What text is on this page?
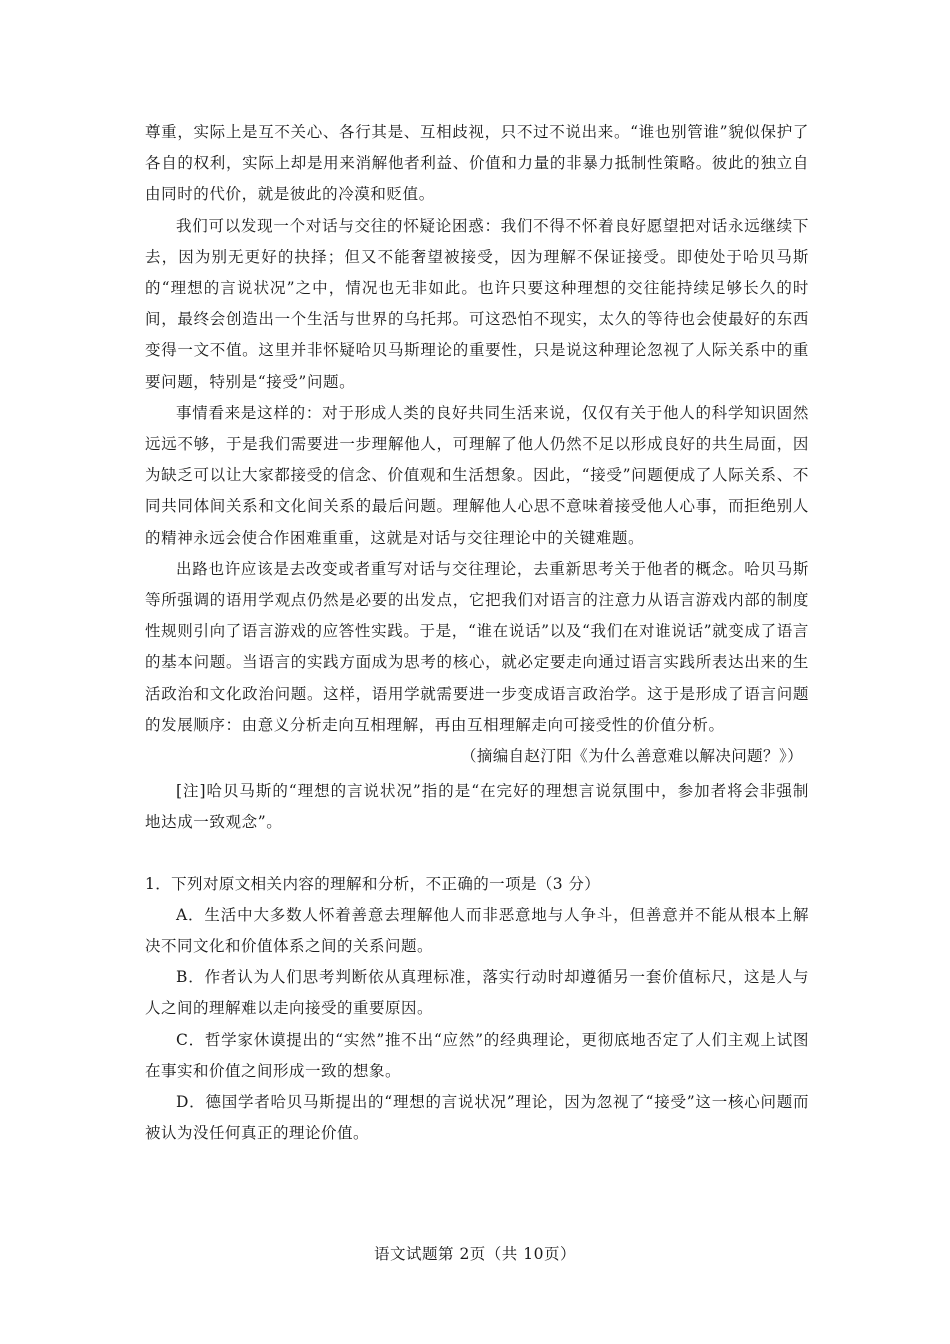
尊重，实际上是互不关心、各行其是、互相歧视，只不过不说出来。“谁也别管谁”貌似保护了各自的权利，实际上却是用来消解他者利益、价值和力量的非暴力抵制性策略。彼此的独立自由同时的代价，就是彼此的冷漠和贬值。

我们可以发现一个对话与交往的怀疑论困惑：我们不得不怀着良好愿望把对话永远继续下去，因为别无更好的抉择；但又不能奢望被接受，因为理解不保证接受。即使处于哈贝马斯的“理想的言说状况”之中，情况也无非如此。也许只要这种理想的交往能持续足够长久的时间，最终会创造出一个生活与世界的乌托邦。可这恐怕不现实，太久的等待也会使最好的东西变得一文不值。这里并非怀疑哈贝马斯理论的重要性，只是说这种理论忽视了人际关系中的重要问题，特别是“接受”问题。

事情看来是这样的：对于形成人类的良好共同生活来说，仅仅有关于他人的科学知识固然远远不够，于是我们需要进一步理解他人，可理解了他人仍然不足以形成良好的共生局面，因为缺乏可以让大家都接受的信念、价值观和生活想象。因此，“接受”问题便成了人际关系、不同共同体间关系和文化间关系的最后问题。理解他人心思不意味着接受他人心事，而拒绝别人的精神永远会使合作困难重重，这就是对话与交往理论中的关键难题。

出路也许应该是去改变或者重写对话与交往理论，去重新思考关于他者的概念。哈贝马斯等所强调的语用学观点仍然是必要的出发点，它把我们对语言的注意力从语言游戏内部的制度性规则引向了语言游戏的应答性实践。于是，“谁在说话”以及“我们在对谁说话”就变成了语言的基本问题。当语言的实践方面成为思考的核心，就必定要走向通过语言实践所表达出来的生活政治和文化政治问题。这样，语用学就需要进一步变成语言政治学。这于是形成了语言问题的发展顺序：由意义分析走向互相理解，再由互相理解走向可接受性的价值分析。

（摘编自赵汀阳《为什么善意难以解决问题？》）

[注]哈贝马斯的“理想的言说状况”指的是“在完好的理想言说氛围中，参加者将会非强制地达成一致观念”。

1．下列对原文相关内容的理解和分析，不正确的一项是（3 分）

A．生活中大多数人怀着善意去理解他人而非恶意地与人争斗，但善意并不能从根本上解决不同文化和价值体系之间的关系问题。

B．作者认为人们思考判断依从真理标准，落实行动时却遵循另一套价值标尺，这是人与人之间的理解难以走向接受的重要原因。

C．哲学家休谟提出的“实然”推不出“应然”的经典理论，更彻底地否定了人们主观上试图在事实和价值之间形成一致的想象。

D．德国学者哈贝马斯提出的“理想的言说状况”理论，因为忽视了“接受”这一核心问题而被认为没任何真正的理论价值。

语文试题第 2页（共 10页）
